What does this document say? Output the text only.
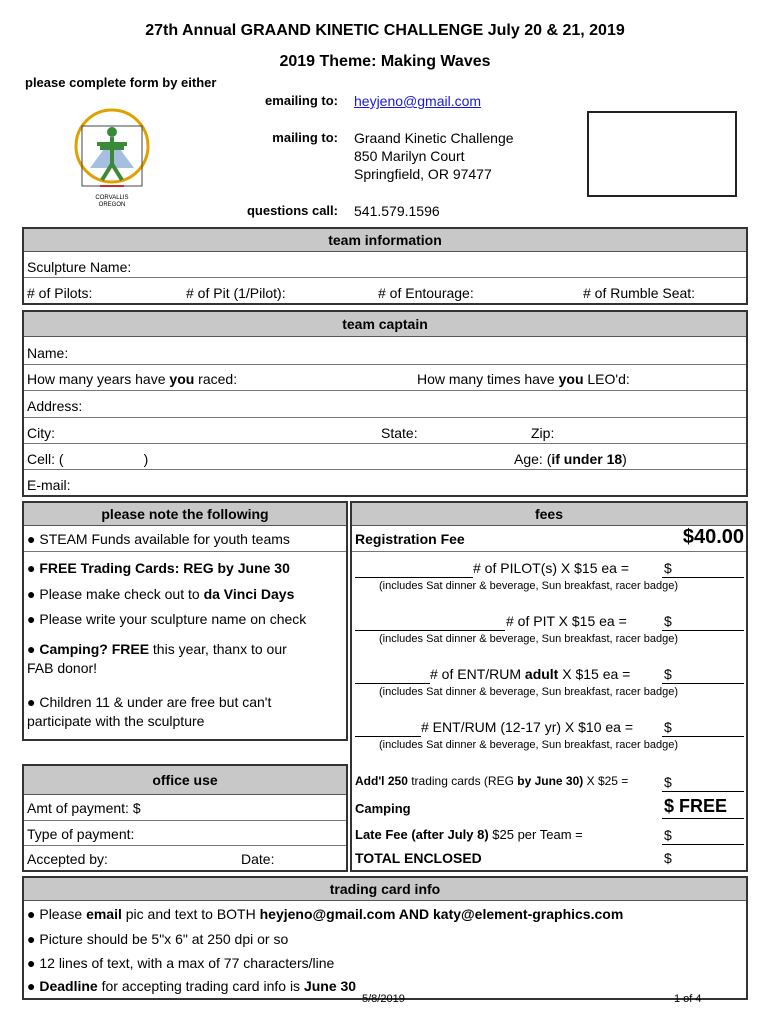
27th Annual GRAAND KINETIC CHALLENGE July 20 & 21, 2019
2019 Theme: Making Waves
please complete form by either
CORVALLIS
OREGON
emailing to: heyjeno@gmail.com
mailing to: Graand Kinetic Challenge
850 Marilyn Court
Springfield, OR 97477
questions call: 541.579.1596
team information
Sculpture Name:
# of Pilots:	# of Pit (1/Pilot):	# of Entourage:	# of Rumble Seat:
team captain
Name:
How many years have you raced:	How many times have you LEO'd:
Address:
City:	State:	Zip:
Cell: (	)	Age: (if under 18)
E-mail:
please note the following
● STEAM Funds available for youth teams
● FREE Trading Cards: REG by June 30
● Please make check out to da Vinci Days
● Please write your sculpture name on check
● Camping? FREE this year, thanx to our
FAB donor!
● Children 11 & under are free but can't
participate with the sculpture
fees
Registration Fee	$40.00
# of PILOT(s) X $15 ea = $
(includes Sat dinner & beverage, Sun breakfast, racer badge)
# of PIT X $15 ea =	$
(includes Sat dinner & beverage, Sun breakfast, racer badge)
# of ENT/RUM adult X $15 ea = $
(includes Sat dinner & beverage, Sun breakfast, racer badge)
# ENT/RUM (12-17 yr) X $10 ea = $
(includes Sat dinner & beverage, Sun breakfast, racer badge)
Add'l 250 trading cards (REG by June 30) X $25 =	$
Camping	$ FREE
Late Fee (after July 8) $25 per Team =	$
TOTAL ENCLOSED	$
office use
Amt of payment: $
Type of payment:
Accepted by:	Date:
trading card info
● Please email pic and text to BOTH heyjeno@gmail.com AND katy@element-graphics.com
● Picture should be 5"x 6" at 250 dpi or so
● 12 lines of text, with a max of 77 characters/line
● Deadline for accepting trading card info is June 30
5/8/2019	1 of 4
